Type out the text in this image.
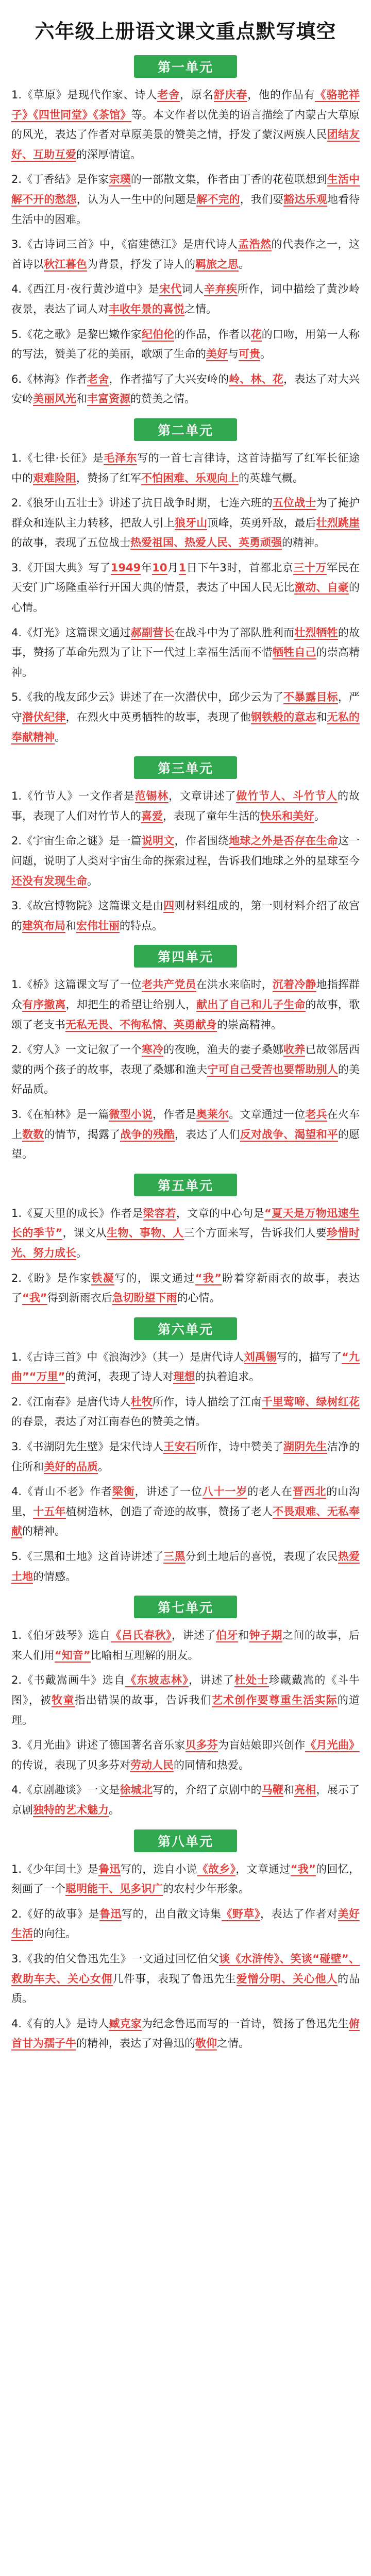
六年级上册语文课文重点默写填空
第一单元

1.《草原》是现代作家、诗人老舍，原名舒庆春，他的作品有《骆驼祥子》《四世同堂》《茶馆》等。本文作者以优美的语言描绘了内蒙古大草原的风光，表达了作者对草原美景的赞美之情，抒发了蒙汉两族人民团结友好、互助互爱的深厚情谊。

2.《丁香结》是作家宗璞的一部散文集，作者由丁香的花苞联想到生活中解不开的愁怨，认为人一生中的问题是解不完的，我们要豁达乐观地看待生活中的困难。

3.《古诗词三首》中，《宿建德江》是唐代诗人孟浩然的代表作之一，这首诗以秋江暮色为背景，抒发了诗人的羁旅之思。

4.《西江月·夜行黄沙道中》是宋代词人辛弃疾所作，词中描绘了黄沙岭夜景，表达了词人对丰收年景的喜悦之情。

5.《花之歌》是黎巴嫩作家纪伯伦的作品，作者以花的口吻，用第一人称的写法，赞美了花的美丽，歌颂了生命的美好与可贵。

6.《林海》作者老舍，作者描写了大兴安岭的岭、林、花，表达了对大兴安岭美丽风光和丰富资源的赞美之情。

第二单元

1.《七律·长征》是毛泽东写的一首七言律诗，这首诗描写了红军长征途中的艰难险阻，赞扬了红军不怕困难、乐观向上的英雄气概。

2.《狼牙山五壮士》讲述了抗日战争时期，七连六班的五位战士为了掩护群众和连队主力转移，把敌人引上狼牙山顶峰，英勇歼敌，最后壮烈跳崖的故事，表现了五位战士热爱祖国、热爱人民、英勇顽强的精神。

3.《开国大典》写了1949年10月1日下午3时，首都北京三十万军民在天安门广场隆重举行开国大典的情景，表达了中国人民无比激动、自豪的心情。

4.《灯光》这篇课文通过郝副营长在战斗中为了部队胜利而壮烈牺牲的故事，赞扬了革命先烈为了让下一代过上幸福生活而不惜牺牲自己的崇高精神。

5.《我的战友邱少云》讲述了在一次潜伏中，邱少云为了不暴露目标，严守潜伏纪律，在烈火中英勇牺牲的故事，表现了他钢铁般的意志和无私的奉献精神。

第三单元

1.《竹节人》一文作者是范锡林，文章讲述了做竹节人、斗竹节人的故事，表现了人们对竹节人的喜爱，表现了童年生活的快乐和美好。

2.《宇宙生命之谜》是一篇说明文，作者围绕地球之外是否存在生命这一问题，说明了人类对宇宙生命的探索过程，告诉我们地球之外的星球至今还没有发现生命。

3.《故宫博物院》这篇课文是由四则材料组成的，第一则材料介绍了故宫的建筑布局和宏伟壮丽的特点。

第四单元

1.《桥》这篇课文写了一位老共产党员在洪水来临时，沉着冷静地指挥群众有序撤离，却把生的希望让给别人，献出了自己和儿子生命的故事，歌颂了老支书无私无畏、不徇私情、英勇献身的崇高精神。

2.《穷人》一文记叙了一个寒冷的夜晚，渔夫的妻子桑娜收养已故邻居西蒙的两个孩子的故事，表现了桑娜和渔夫宁可自己受苦也要帮助别人的美好品质。

3.《在柏林》是一篇微型小说，作者是奥莱尔。文章通过一位老兵在火车上数数的情节，揭露了战争的残酷，表达了人们反对战争、渴望和平的愿望。

第五单元

1.《夏天里的成长》作者是梁容若，文章的中心句是“夏天是万物迅速生长的季节”，课文从生物、事物、人三个方面来写，告诉我们人要珍惜时光、努力成长。

2.《盼》是作家铁凝写的，课文通过“我”盼着穿新雨衣的故事，表达了“我”得到新雨衣后急切盼望下雨的心情。

第六单元

1.《古诗三首》中《浪淘沙》（其一）是唐代诗人刘禹锡写的，描写了“九曲”“万里”的黄河，表现了诗人对理想的执着追求。

2.《江南春》是唐代诗人杜牧所作，诗人描绘了江南千里莺啼、绿树红花的春景，表达了对江南春色的赞美之情。

3.《书湖阴先生壁》是宋代诗人王安石所作，诗中赞美了湖阴先生洁净的住所和美好的品质。

4.《青山不老》作者梁衡，讲述了一位八十一岁的老人在晋西北的山沟里，十五年植树造林，创造了奇迹的故事，赞扬了老人不畏艰难、无私奉献的精神。

5.《三黑和土地》这首诗讲述了三黑分到土地后的喜悦，表现了农民热爱土地的情感。

第七单元

1.《伯牙鼓琴》选自《吕氏春秋》，讲述了伯牙和钟子期之间的故事，后来人们用“知音”比喻相互理解的朋友。

2.《书戴嵩画牛》选自《东坡志林》，讲述了杜处士珍藏戴嵩的《斗牛图》，被牧童指出错误的故事，告诉我们艺术创作要尊重生活实际的道理。

3.《月光曲》讲述了德国著名音乐家贝多芬为盲姑娘即兴创作《月光曲》的传说，表现了贝多芬对劳动人民的同情和热爱。

4.《京剧趣谈》一文是徐城北写的，介绍了京剧中的马鞭和亮相，展示了京剧独特的艺术魅力。

第八单元

1.《少年闰土》是鲁迅写的，选自小说《故乡》，文章通过“我”的回忆，刻画了一个聪明能干、见多识广的农村少年形象。

2.《好的故事》是鲁迅写的，出自散文诗集《野草》，表达了作者对美好生活的向往。

3.《我的伯父鲁迅先生》一文通过回忆伯父谈《水浒传》、笑谈“碰壁”、救助车夫、关心女佣几件事，表现了鲁迅先生爱憎分明、关心他人的品质。

4.《有的人》是诗人臧克家为纪念鲁迅而写的一首诗，赞扬了鲁迅先生俯首甘为孺子牛的精神，表达了对鲁迅的敬仰之情。
